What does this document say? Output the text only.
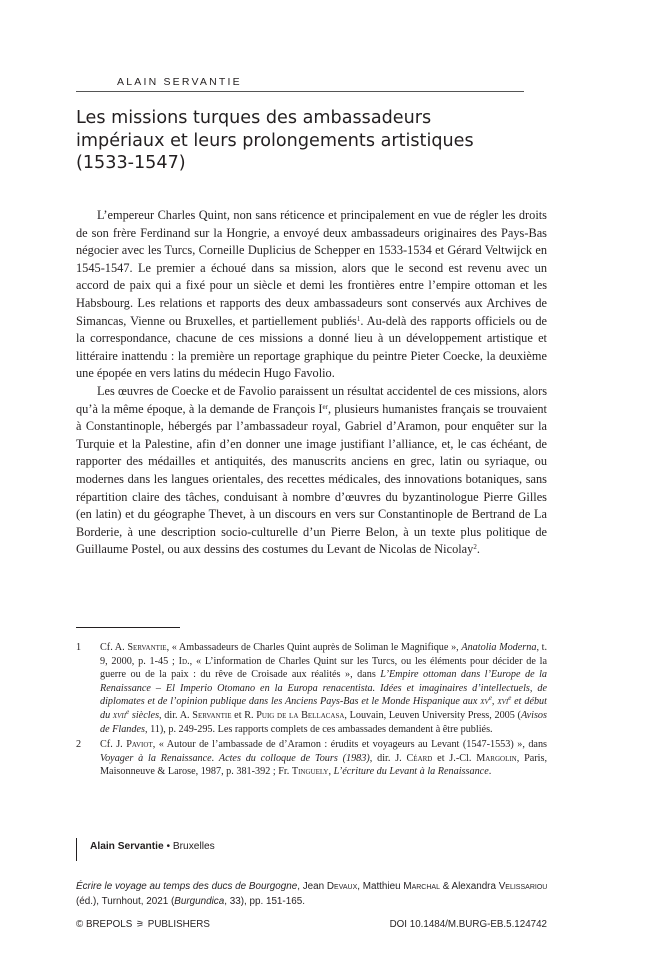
ALAIN SERVANTIE
Les missions turques des ambassadeurs
impériaux et leurs prolongements artistiques
(1533-1547)

L’empereur Charles Quint, non sans réticence et principalement en vue de régler les droits de son frère Ferdinand sur la Hongrie, a envoyé deux ambassadeurs originaires des Pays-Bas négocier avec les Turcs, Corneille Duplicius de Schepper en 1533-1534 et Gérard Veltwijck en 1545-1547. Le premier a échoué dans sa mission, alors que le second est revenu avec un accord de paix qui a fixé pour un siècle et demi les frontières entre l’empire ottoman et les Habsbourg. Les relations et rapports des deux ambassadeurs sont conservés aux Archives de Simancas, Vienne ou Bruxelles, et partiellement publiés$^1$. Au-delà des rapports officiels ou de la correspondance, chacune de ces missions a donné lieu à un développement artistique et littéraire inattendu : la première un reportage graphique du peintre Pieter Coecke, la deuxième une épopée en vers latins du médecin Hugo Favolio.

Les œuvres de Coecke et de Favolio paraissent un résultat accidentel de ces missions, alors qu’à la même époque, à la demande de François Ier, plusieurs humanistes français se trouvaient à Constantinople, hébergés par l’ambassadeur royal, Gabriel d’Aramon, pour enquêter sur la Turquie et la Palestine, afin d’en donner une image justifiant l’alliance, et, le cas échéant, de rapporter des médailles et antiquités, des manuscrits anciens en grec, latin ou syriaque, ou modernes dans les langues orientales, des recettes médicales, des innovations botaniques, sans répartition claire des tâches, conduisant à nombre d’œuvres du byzantinologue Pierre Gilles (en latin) et du géographe Thevet, à un discours en vers sur Constantinople de Bertrand de La Borderie, à une description socio-culturelle d’un Pierre Belon, à un texte plus politique de Guillaume Postel, ou aux dessins des costumes du Levant de Nicolas de Nicolay$^2$.

1 Cf. A. Servantie, « Ambassadeurs de Charles Quint auprès de Soliman le Magnifique », Anatolia Moderna, t. 9, 2000, p. 1-45 ; Id., « L’information de Charles Quint sur les Turcs, ou les éléments pour décider de la guerre ou de la paix : du rêve de Croisade aux réalités », dans L’Empire ottoman dans l’Europe de la Renaissance – El Imperio Otomano en la Europa renacentista. Idées et imaginaires d’intellectuels, de diplomates et de l’opinion publique dans les Anciens Pays-Bas et le Monde Hispanique aux $xv^e$, xvi$^e$ et début du xvii$^e$ siècles, dir. A. Servantie et R. Puig de la Bellacasa, Louvain, Leuven University Press, 2005 (Avisos de Flandes, 11), p. 249-295. Les rapports complets de ces ambassades demandent à être publiés.
2 Cf. J. Paviot, « Autour de l’ambassade de d’Aramon : érudits et voyageurs au Levant (1547-1553) », dans Voyager à la Renaissance. Actes du colloque de Tours (1983), dir. J. Céard et J.-Cl. Margolin, Paris, Maisonneuve & Larose, 1987, p. 381-392 ; Fr. Tinguely, L’écriture du Levant à la Renaissance.
Alain Servantie • Bruxelles
Écrire le voyage au temps des ducs de Bourgogne, Jean Devaux, Matthieu Marchal & Alexandra Velissariou (éd.), Turnhout, 2021 (Burgundica, 33), pp. 151-165.
© BREPOLS ⚞ PUBLISHERS	DOI 10.1484/M.BURG-EB.5.124742
